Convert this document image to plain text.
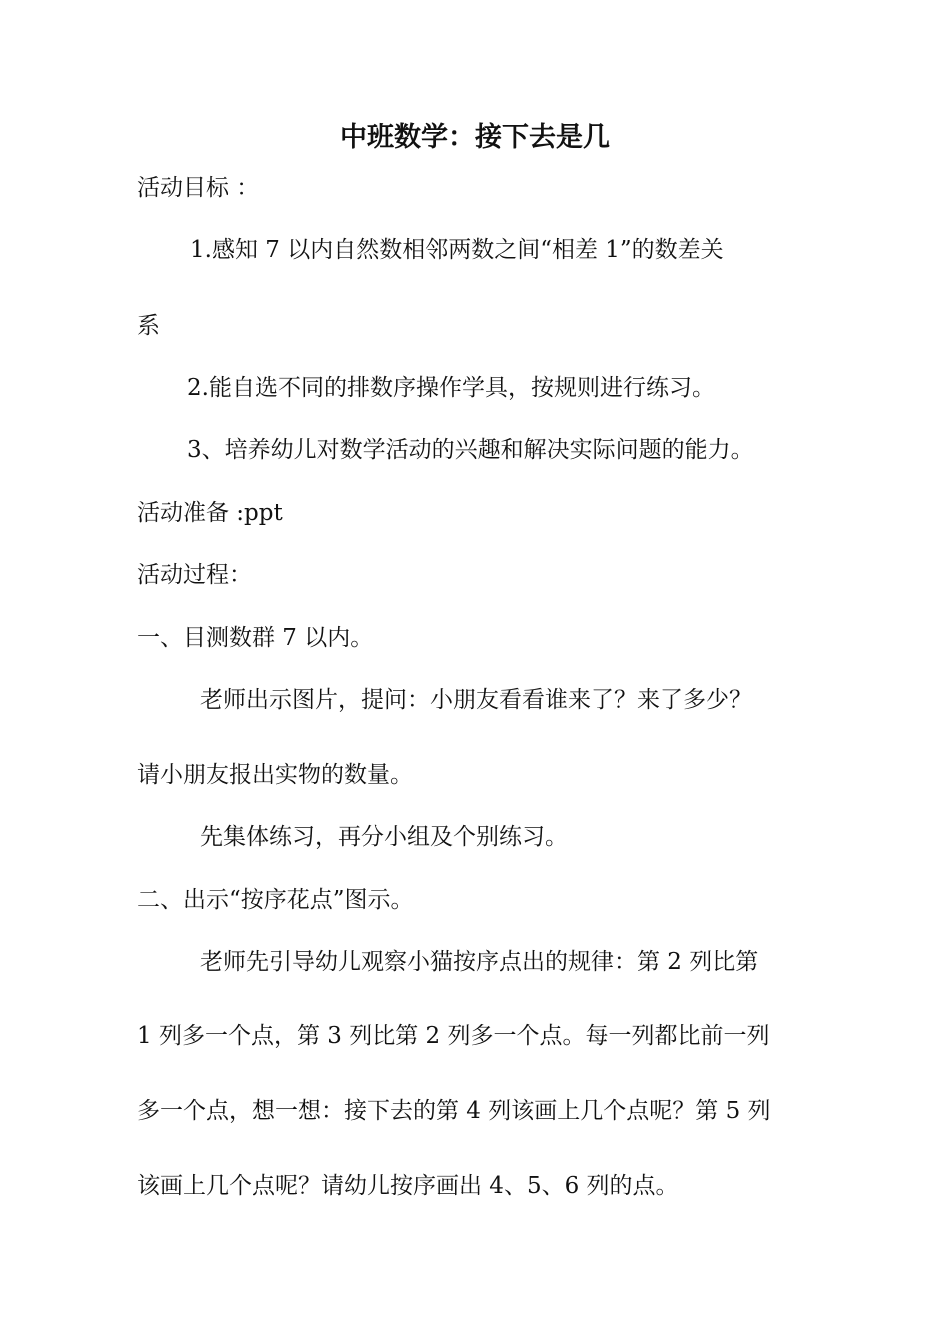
中班数学：接下去是几
活动目标 ：
1.感知 7 以内自然数相邻两数之间“相差 1”的数差关
系
2.能自选不同的排数序操作学具，按规则进行练习。
3、培养幼儿对数学活动的兴趣和解决实际问题的能力。
活动准备 :ppt
活动过程：
一、目测数群 7 以内。
老师出示图片，提问：小朋友看看谁来了？来了多少？
请小朋友报出实物的数量。
先集体练习，再分小组及个别练习。
二、出示“按序花点”图示。
老师先引导幼儿观察小猫按序点出的规律：第 2 列比第
1 列多一个点，第 3 列比第 2 列多一个点。每一列都比前一列
多一个点，想一想：接下去的第 4 列该画上几个点呢？第 5 列
该画上几个点呢？请幼儿按序画出 4、5、6 列的点。
